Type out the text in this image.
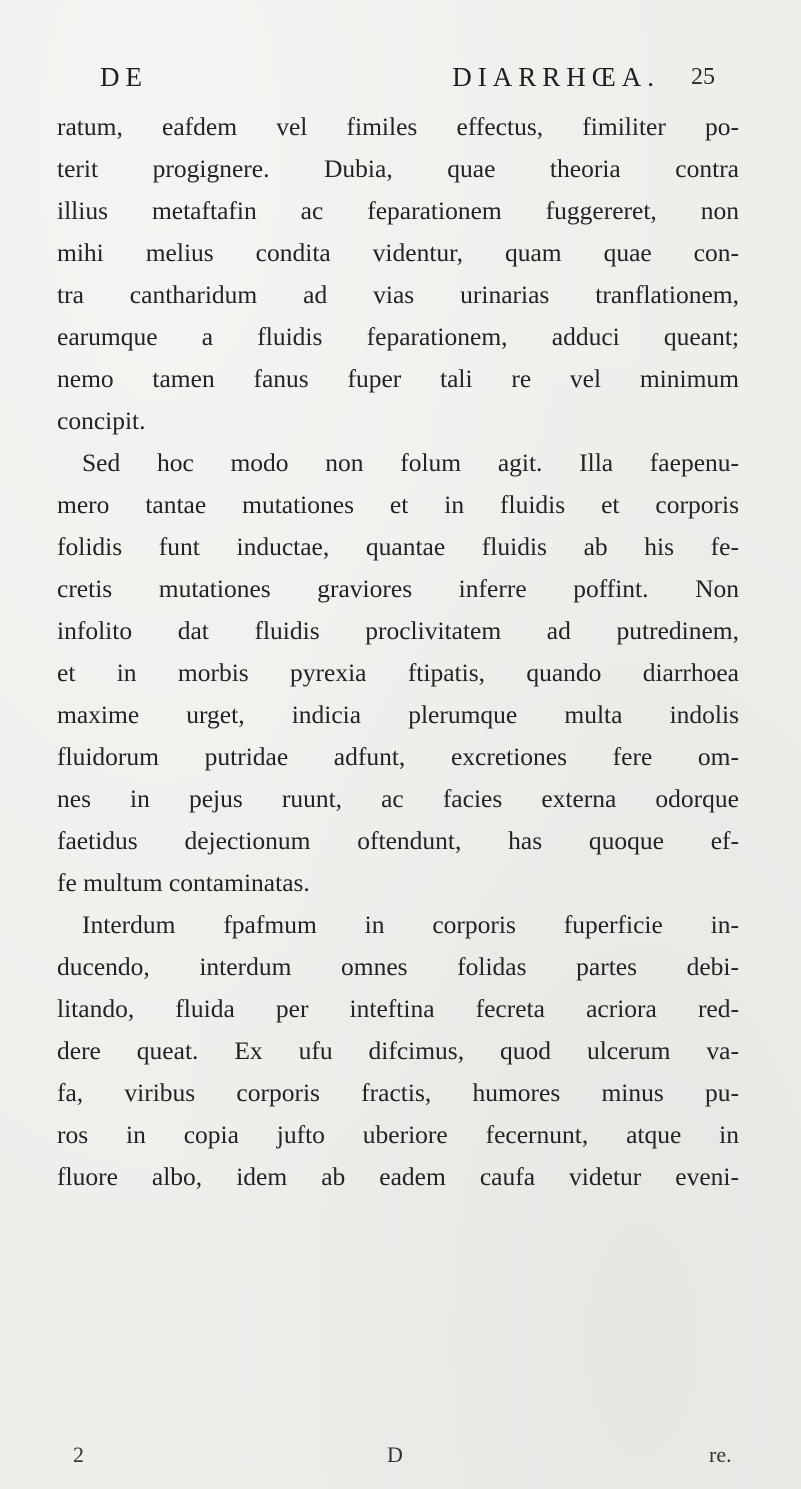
DE	DIARRHŒA. 25
ratum, eafdem vel fimiles effectus, fimiliter po-
terit progignere. Dubia, quae theoria contra
illius metaftafin ac feparationem fuggereret, non
mihi melius condita videntur, quam quae con-
tra cantharidum ad vias urinarias tranflationem,
earumque a fluidis feparationem, adduci queant;
nemo tamen fanus fuper tali re vel minimum
concipit.
Sed hoc modo non folum agit. Illa faepenu-
mero tantae mutationes et in fluidis et corporis
folidis funt inductae, quantae fluidis ab his fe-
cretis mutationes graviores inferre poffint. Non
infolito dat fluidis proclivitatem ad putredinem,
et in morbis pyrexia ftipatis, quando diarrhoea
maxime urget, indicia plerumque multa indolis
fluidorum putridae adfunt, excretiones fere om-
nes in pejus ruunt, ac facies externa odorque
faetidus dejectionum oftendunt, has quoque ef-
fe multum contaminatas.
Interdum fpafmum in corporis fuperficie in-
ducendo, interdum omnes folidas partes debi-
litando, fluida per inteftina fecreta acriora red-
dere queat. Ex ufu difcimus, quod ulcerum va-
fa, viribus corporis fractis, humores minus pu-
ros in copia jufto uberiore fecernunt, atque in
fluore albo, idem ab eadem caufa videtur eveni-
2	D	re.
